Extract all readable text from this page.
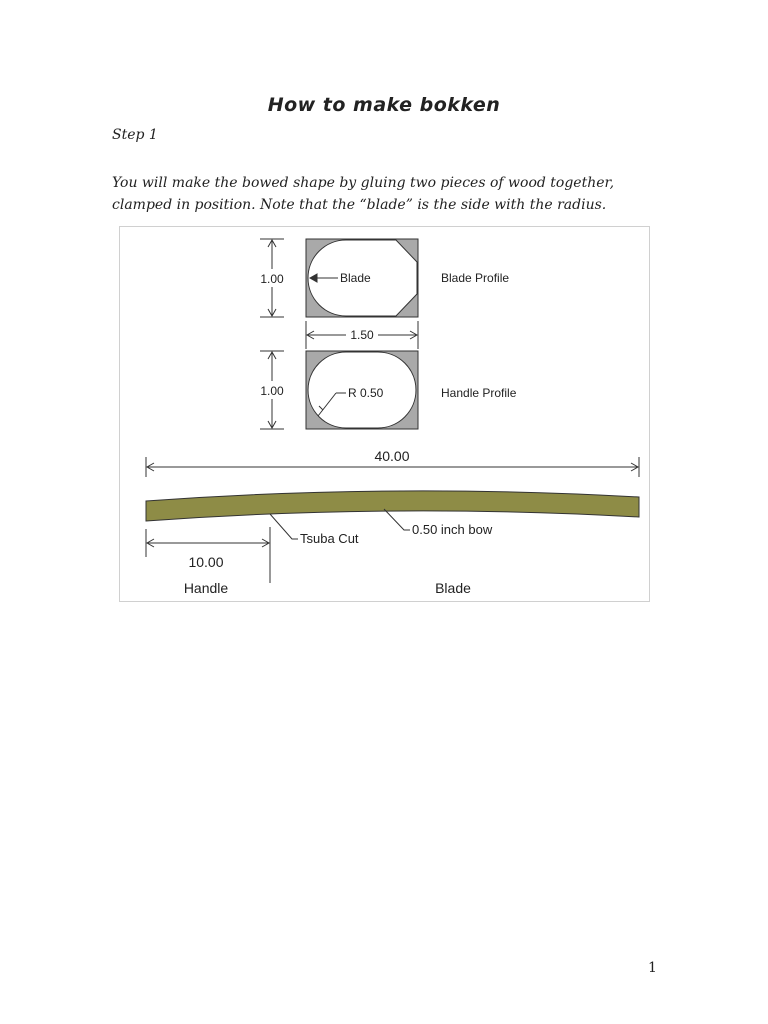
How to make bokken
Step 1
You will make the bowed shape by gluing two pieces of wood together, clamped in position. Note that the “blade” is the side with the radius.
1.00	Blade	Blade Profile
1.50
1.00	R 0.50	Handle Profile
40.00
Tsuba Cut
0.50 inch bow
10.00
Handle	Blade
1
